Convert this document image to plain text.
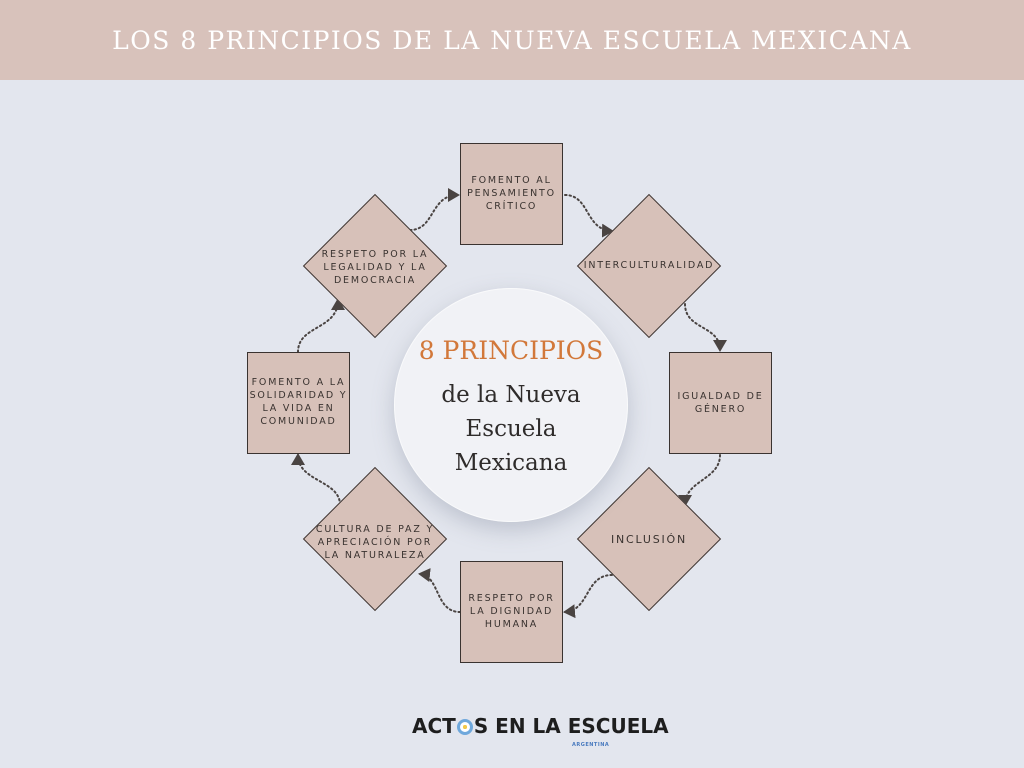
LOS 8 PRINCIPIOS DE LA NUEVA ESCUELA MEXICANA
FOMENTO AL
PENSAMIENTO
CRÍTICO
INTERCULTURALIDAD
IGUALDAD DE
GÉNERO
INCLUSIÓN
RESPETO POR
LA DIGNIDAD
HUMANA
CULTURA DE PAZ Y
APRECIACIÓN POR
LA NATURALEZA
FOMENTO A LA
SOLIDARIDAD Y
LA VIDA EN
COMUNIDAD
RESPETO POR LA
LEGALIDAD Y LA
DEMOCRACIA
8 PRINCIPIOS
de la Nueva
Escuela
Mexicana
ACT S EN LA ESCUELA
ARGENTINA
